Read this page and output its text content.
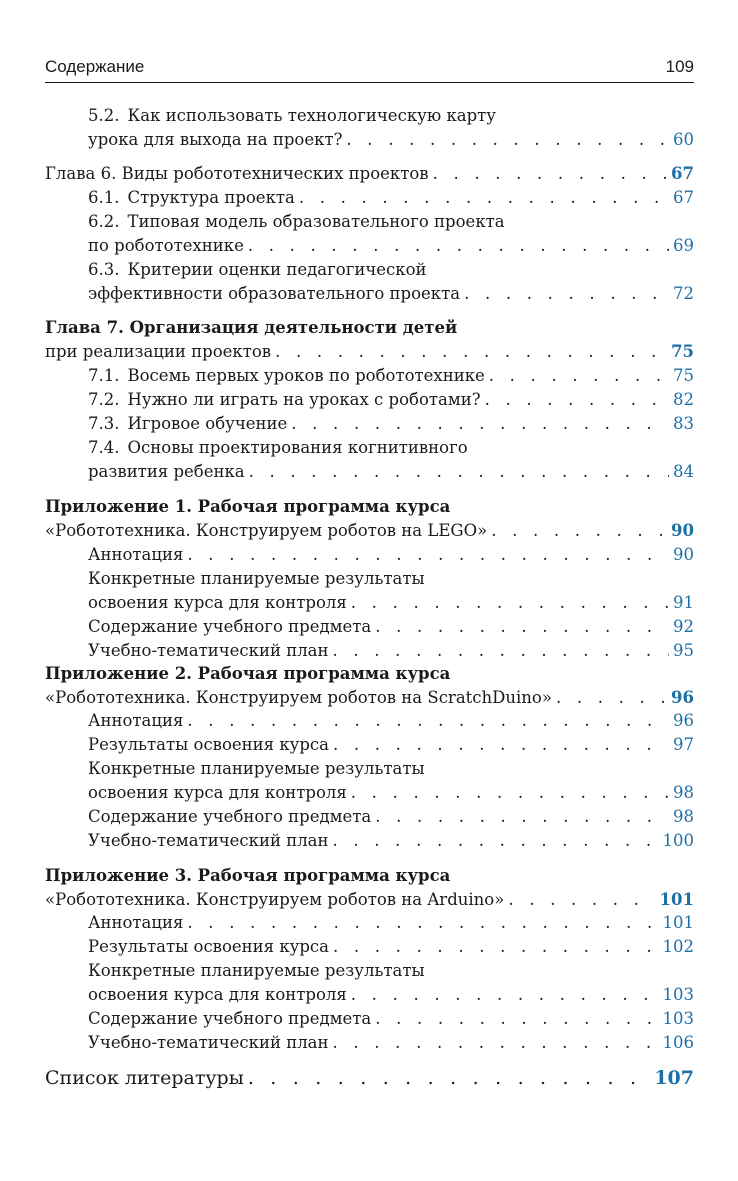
Содержание	109
5.2. Как использовать технологическую карту
урока для выхода на проект? . . .	60
Глава 6. Виды робототехнических проектов . . .	67
6.1. Структура проекта . . .	67
6.2. Типовая модель образовательного проекта
по робототехнике . . .	69
6.3. Критерии оценки педагогической
эффективности образовательного проекта . . .	72
Глава 7. Организация деятельности детей
при реализации проектов . . .	75
7.1. Восемь первых уроков по робототехнике . . .	75
7.2. Нужно ли играть на уроках с роботами? . . .	82
7.3. Игровое обучение . . .	83
7.4. Основы проектирования когнитивного
развития ребенка . . .	84
Приложение 1. Рабочая программа курса
«Робототехника. Конструируем роботов на LEGO» . . .	90
Аннотация . . .	90
Конкретные планируемые результаты
освоения курса для контроля . . .	91
Содержание учебного предмета . . .	92
Учебно-тематический план . . .	95
Приложение 2. Рабочая программа курса
«Робототехника. Конструируем роботов на ScratchDuino» . . .	96
Аннотация . . .	96
Результаты освоения курса . . .	97
Конкретные планируемые результаты
освоения курса для контроля . . .	98
Содержание учебного предмета . . .	98
Учебно-тематический план . . .	100
Приложение 3. Рабочая программа курса
«Робототехника. Конструируем роботов на Arduino» . . .	101
Аннотация . . .	101
Результаты освоения курса . . .	102
Конкретные планируемые результаты
освоения курса для контроля . . .	103
Содержание учебного предмета . . .	103
Учебно-тематический план . . .	106
Список литературы . . .	107
